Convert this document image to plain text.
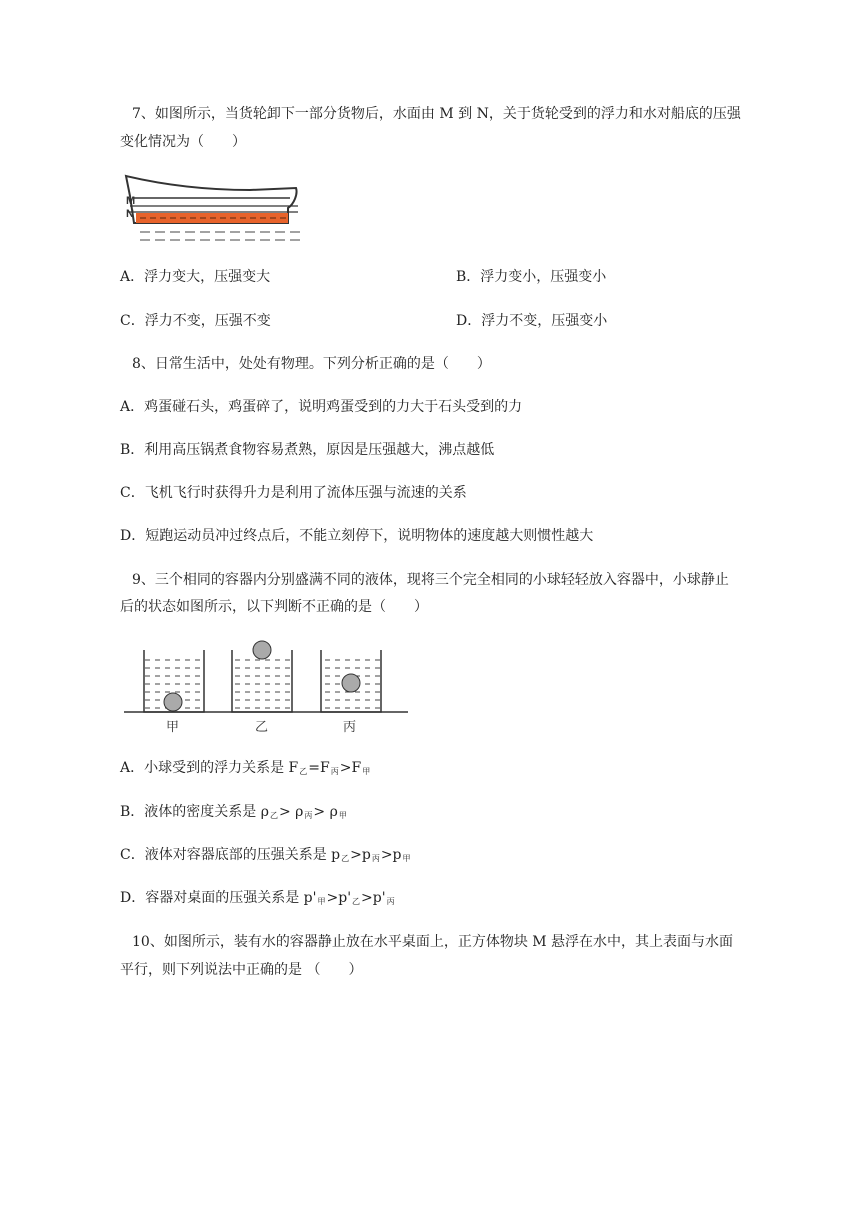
7、如图所示，当货轮卸下一部分货物后，水面由 M 到 N，关于货轮受到的浮力和水对船底的压强
变化情况为（　　）
M
N
A．浮力变大，压强变大	B．浮力变小，压强变小
C．浮力不变，压强不变	D．浮力不变，压强变小
8、日常生活中，处处有物理。下列分析正确的是（　　）
A．鸡蛋碰石头，鸡蛋碎了，说明鸡蛋受到的力大于石头受到的力
B．利用高压锅煮食物容易煮熟，原因是压强越大，沸点越低
C．飞机飞行时获得升力是利用了流体压强与流速的关系
D．短跑运动员冲过终点后，不能立刻停下，说明物体的速度越大则惯性越大
9、三个相同的容器内分别盛满不同的液体，现将三个完全相同的小球轻轻放入容器中，小球静止
后的状态如图所示，以下判断不正确的是（　　）
甲	乙	丙
A．小球受到的浮力关系是 $F_乙=F_丙>F_甲$
B．液体的密度关系是 $\rho_乙> \rho_丙> \rho_甲$
C．液体对容器底部的压强关系是 $p_乙>p_丙>p_甲$
D．容器对桌面的压强关系是 $p'_甲>p'_乙>p'_丙$
10、如图所示，装有水的容器静止放在水平桌面上，正方体物块 M 悬浮在水中，其上表面与水面
平行，则下列说法中正确的是 （　　）
